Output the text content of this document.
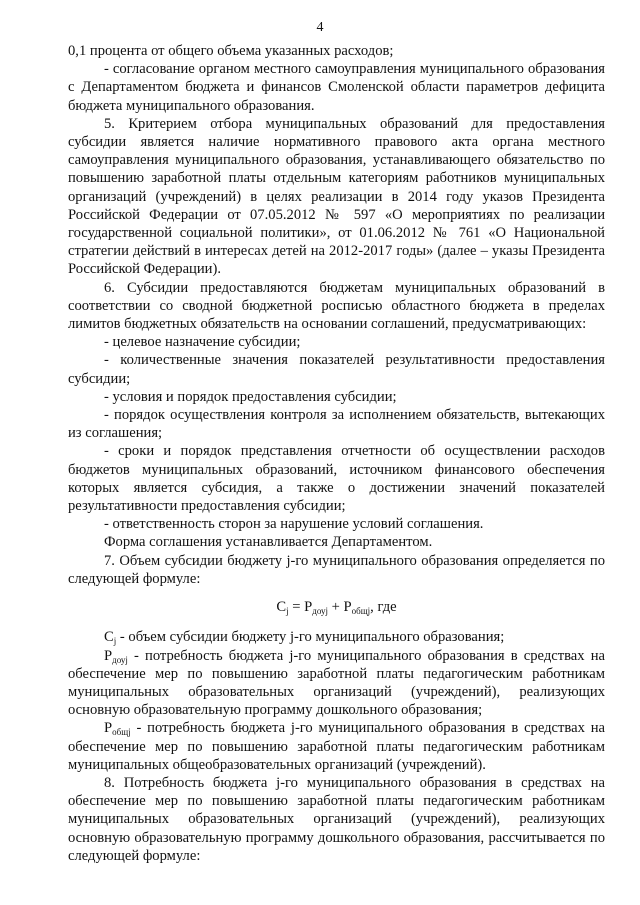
4

0,1 процента от общего объема указанных расходов;

- согласование органом местного самоуправления муниципального образования с Департаментом бюджета и финансов Смоленской области параметров дефицита бюджета муниципального образования.

5. Критерием отбора муниципальных образований для предоставления субсидии является наличие нормативного правового акта органа местного самоуправления муниципального образования, устанавливающего обязательство по повышению заработной платы отдельным категориям работников муниципальных организаций (учреждений) в целях реализации в 2014 году указов Президента Российской Федерации от 07.05.2012 № 597 «О мероприятиях по реализации государственной социальной политики», от 01.06.2012 № 761 «О Национальной стратегии действий в интересах детей на 2012-2017 годы» (далее – указы Президента Российской Федерации).

6. Субсидии предоставляются бюджетам муниципальных образований в соответствии со сводной бюджетной росписью областного бюджета в пределах лимитов бюджетных обязательств на основании соглашений, предусматривающих:

- целевое назначение субсидии;

- количественные значения показателей результативности предоставления субсидии;

- условия и порядок предоставления субсидии;

- порядок осуществления контроля за исполнением обязательств, вытекающих из соглашения;

- сроки и порядок представления отчетности об осуществлении расходов бюджетов муниципальных образований, источником финансового обеспечения которых является субсидия, а также о достижении значений показателей результативности предоставления субсидии;

- ответственность сторон за нарушение условий соглашения.

Форма соглашения устанавливается Департаментом.

7. Объем субсидии бюджету j-го муниципального образования определяется по следующей формуле:

$C_j = P_{доуj} + P_{общj}$, где

$C_j$ - объем субсидии бюджету j-го муниципального образования;

$P_{доуj}$ - потребность бюджета j-го муниципального образования в средствах на обеспечение мер по повышению заработной платы педагогическим работникам муниципальных образовательных организаций (учреждений), реализующих основную образовательную программу дошкольного образования;

$P_{общj}$ - потребность бюджета j-го муниципального образования в средствах на обеспечение мер по повышению заработной платы педагогическим работникам муниципальных общеобразовательных организаций (учреждений).

8. Потребность бюджета j-го муниципального образования в средствах на обеспечение мер по повышению заработной платы педагогическим работникам муниципальных образовательных организаций (учреждений), реализующих основную образовательную программу дошкольного образования, рассчитывается по следующей формуле:
